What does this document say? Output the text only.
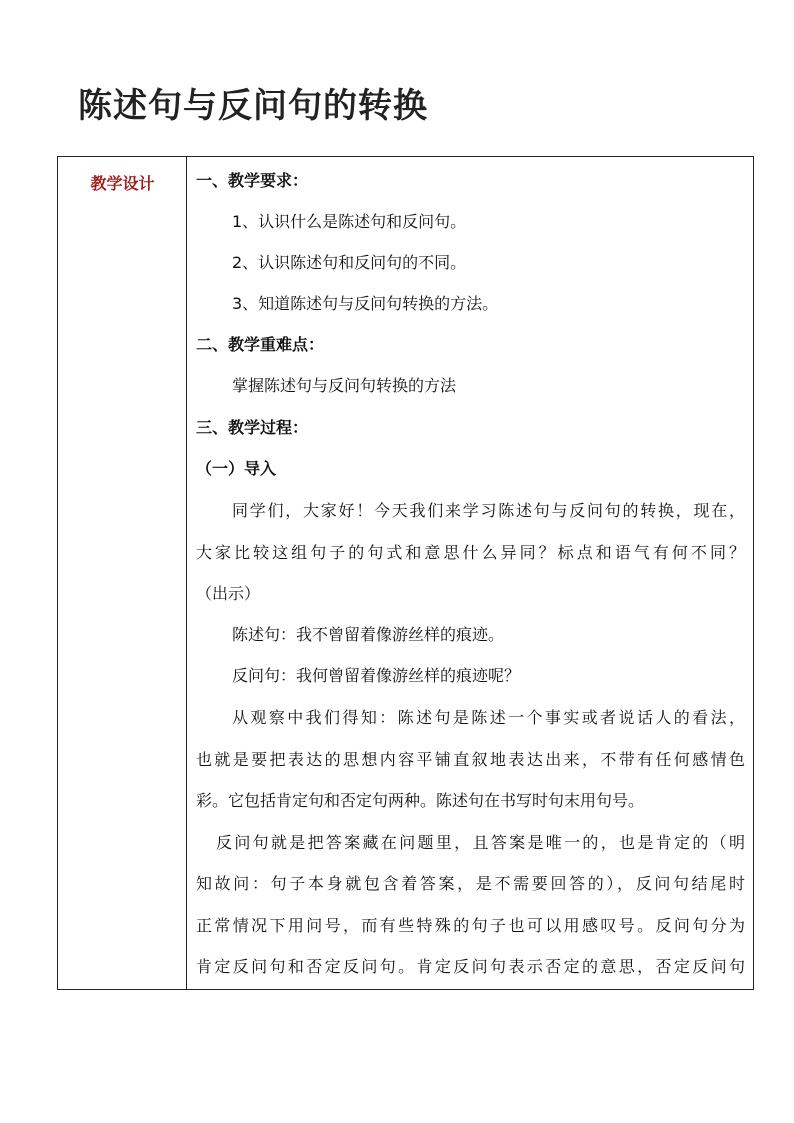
陈述句与反问句的转换
教学设计	一、教学要求：
1、认识什么是陈述句和反问句。
2、认识陈述句和反问句的不同。
3、知道陈述句与反问句转换的方法。
二、教学重难点：
掌握陈述句与反问句转换的方法
三、教学过程：
（一）导入
同学们，大家好！今天我们来学习陈述句与反问句的转换，现在，
大家比较这组句子的句式和意思什么异同？标点和语气有何不同？
（出示）
陈述句：我不曾留着像游丝样的痕迹。
反问句：我何曾留着像游丝样的痕迹呢？
从观察中我们得知：陈述句是陈述一个事实或者说话人的看法，
也就是要把表达的思想内容平铺直叙地表达出来，不带有任何感情色
彩。它包括肯定句和否定句两种。陈述句在书写时句末用句号。
反问句就是把答案藏在问题里，且答案是唯一的，也是肯定的（明
知故问：句子本身就包含着答案，是不需要回答的），反问句结尾时
正常情况下用问号，而有些特殊的句子也可以用感叹号。反问句分为
肯定反问句和否定反问句。肯定反问句表示否定的意思，否定反问句
